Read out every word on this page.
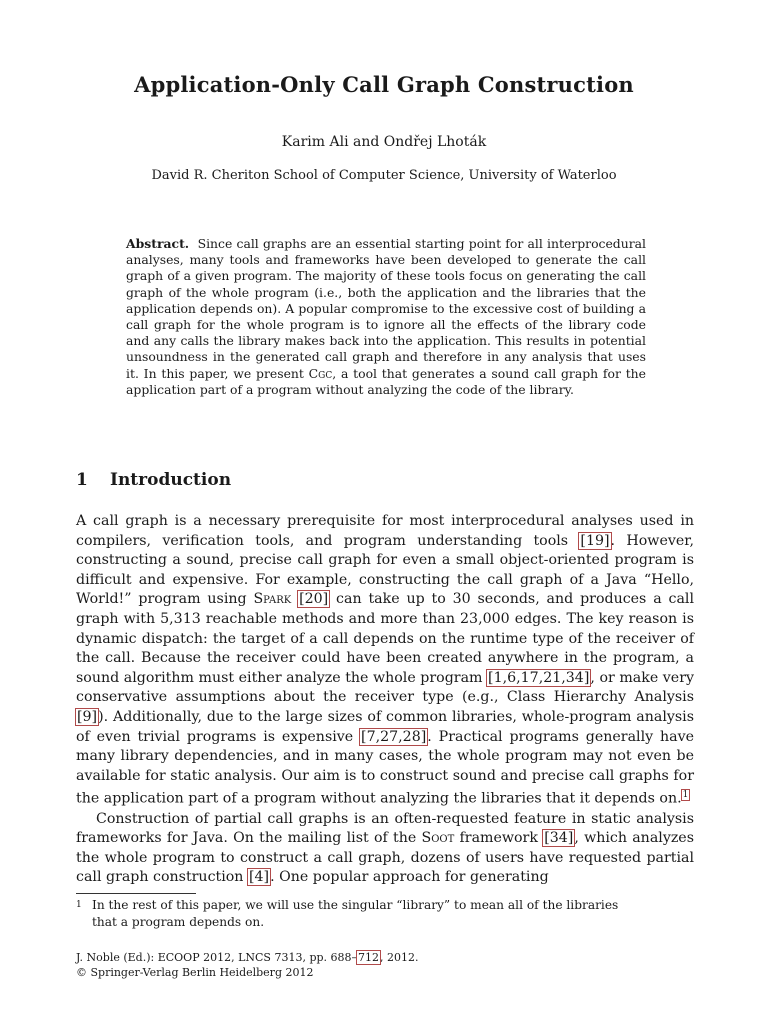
Application-Only Call Graph Construction
Karim Ali and Ondřej Lhoták
David R. Cheriton School of Computer Science, University of Waterloo
Abstract. Since call graphs are an essential starting point for all interprocedural analyses, many tools and frameworks have been developed to generate the call graph of a given program. The majority of these tools focus on generating the call graph of the whole program (i.e., both the application and the libraries that the application depends on). A popular compromise to the excessive cost of building a call graph for the whole program is to ignore all the effects of the library code and any calls the library makes back into the application. This results in potential unsoundness in the generated call graph and therefore in any analysis that uses it. In this paper, we present Cgc, a tool that generates a sound call graph for the application part of a program without analyzing the code of the library.
1 Introduction

A call graph is a necessary prerequisite for most interprocedural analyses used in compilers, verification tools, and program understanding tools [19]. However, constructing a sound, precise call graph for even a small object-oriented program is difficult and expensive. For example, constructing the call graph of a Java “Hello, World!” program using Spark [20] can take up to 30 seconds, and produces a call graph with 5,313 reachable methods and more than 23,000 edges. The key reason is dynamic dispatch: the target of a call depends on the runtime type of the receiver of the call. Because the receiver could have been created anywhere in the program, a sound algorithm must either analyze the whole program [1,6,17,21,34], or make very conservative assumptions about the receiver type (e.g., Class Hierarchy Analysis [9]). Additionally, due to the large sizes of common libraries, whole-program analysis of even trivial programs is expensive [7,27,28]. Practical programs generally have many library dependencies, and in many cases, the whole program may not even be available for static analysis. Our aim is to construct sound and precise call graphs for the application part of a program without analyzing the libraries that it depends on.$^1$

Construction of partial call graphs is an often-requested feature in static analysis frameworks for Java. On the mailing list of the Soot framework [34], which analyzes the whole program to construct a call graph, dozens of users have requested partial call graph construction [4]. One popular approach for generating

1 In the rest of this paper, we will use the singular “library” to mean all of the libraries
that a program depends on.
J. Noble (Ed.): ECOOP 2012, LNCS 7313, pp. 688–712, 2012.
© Springer-Verlag Berlin Heidelberg 2012
